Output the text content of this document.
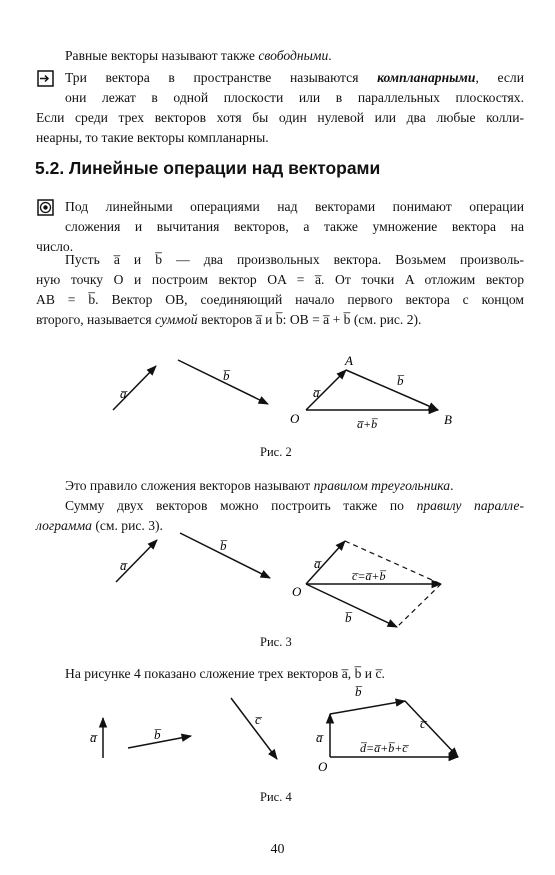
Равные векторы называют также свободными.
Три вектора в пространстве называются компланарными, если
они лежат в одной плоскости или в параллельных плоскостях.
Если среди трех векторов хотя бы один нулевой или два любые колли-
неарны, то такие векторы компланарны.
5.2. Линейные операции над векторами
Под линейными операциями над векторами понимают операции
сложения и вычитания векторов, а также умножение вектора на
число.
Пусть a̅ и b̅ — два произвольных вектора. Возьмем произволь-
ную точку O и построим вектор OA = a̅. От точки A отложим вектор
AB = b̅. Вектор OB, соединяющий начало первого вектора с концом
второго, называется суммой векторов a̅ и b̅: OB = a̅ + b̅ (см. рис. 2).
a̅
b̅
A
B
O
a̅
b̅
a̅+b̅
Рис. 2
Это правило сложения векторов называют правилом треугольника.
Сумму двух векторов можно построить также по правилу паралле-
лограмма (см. рис. 3).
a̅
b̅
O
a̅
b̅
c̅=a̅+b̅
Рис. 3
На рисунке 4 показано сложение трех векторов a̅, b̅ и c̅.
a̅	b̅
c̅
O
a̅
b̅
c̅
d̅=a̅+b̅+c̅
Рис. 4
40
